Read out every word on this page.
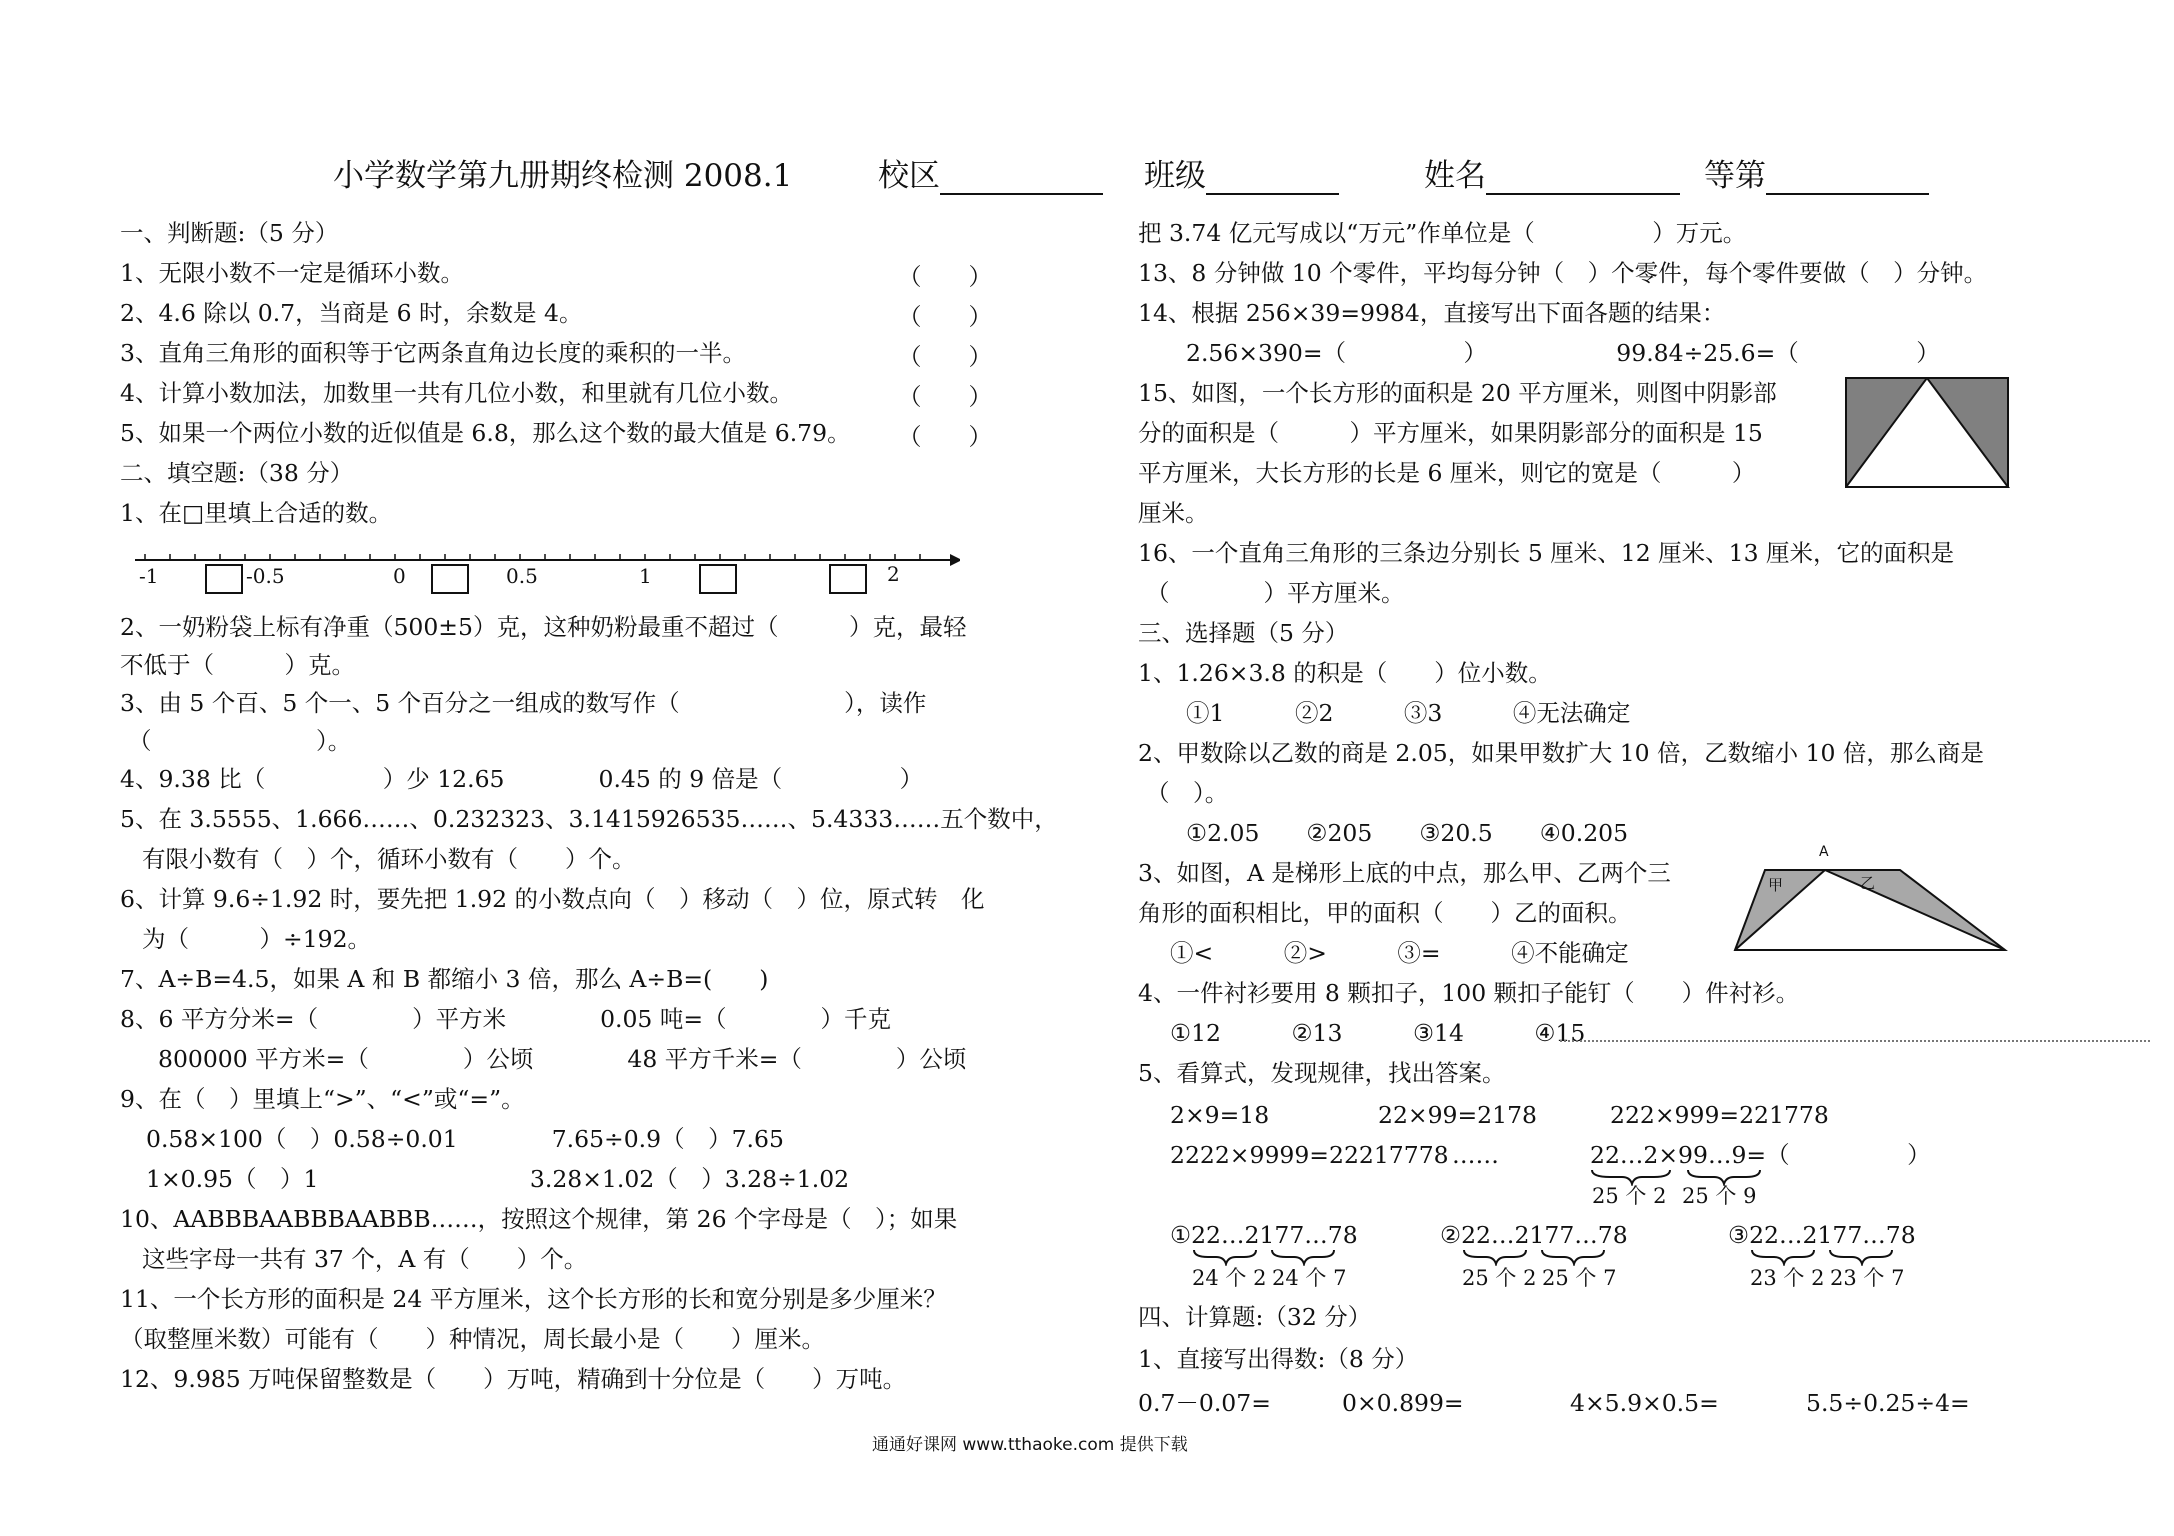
小学数学第九册期终检测 2008.1	校区	班级	姓名	等第
一、判断题:（5 分）
1、无限小数不一定是循环小数。	（　　）
2、4.6 除以 0.7，当商是 6 时，余数是 4。	（　　）
3、直角三角形的面积等于它两条直角边长度的乘积的一半。	（　　）
4、计算小数加法，加数里一共有几位小数，和里就有几位小数。	（　　）
5、如果一个两位小数的近似值是 6.8，那么这个数的最大值是 6.79。 （　　）
二、填空题:（38 分）
1、在□里填上合适的数。
-1	-0.5	0	0.5	1	2
2、一奶粉袋上标有净重（500±5）克，这种奶粉最重不超过（　　　）克，最轻
不低于（　　　）克。
3、由 5 个百、5 个一、5 个百分之一组成的数写作（　　　　　　　），读作
（　　　　　　　）。
4、9.38 比（　　　　　）少 12.65　　　　0.45 的 9 倍是（　　　　　）
5、在 3.5555、1.666……、0.232323、3.1415926535……、5.4333……五个数中，
有限小数有（　）个，循环小数有（　　）个。
6、计算 9.6÷1.92 时，要先把 1.92 的小数点向（　）移动（　）位，原式转　化
为（　　　）÷192。
7、A÷B=4.5，如果 A 和 B 都缩小 3 倍，那么 A÷B=(　　)
8、6 平方分米=（　　　　）平方米　　　　0.05 吨=（　　　　）千克
800000 平方米=（　　　　）公顷　　　　48 平方千米=（　　　　）公顷
9、在（　）里填上“>”、“<”或“=”。
0.58×100（　）0.58÷0.01　　　　7.65÷0.9（　）7.65
1×0.95（　）1　　　　　　　　　3.28×1.02（　）3.28÷1.02
10、AABBBAABBBAABBB……，按照这个规律，第 26 个字母是（　）；如果
这些字母一共有 37 个，A 有（　　）个。
11、一个长方形的面积是 24 平方厘米，这个长方形的长和宽分别是多少厘米？
（取整厘米数）可能有（　　）种情况，周长最小是（　　）厘米。
12、9.985 万吨保留整数是（　　）万吨，精确到十分位是（　　）万吨。
把 3.74 亿元写成以“万元”作单位是（　　　　　）万元。
13、8 分钟做 10 个零件，平均每分钟（　）个零件，每个零件要做（　）分钟。
14、根据 256×39=9984，直接写出下面各题的结果：
2.56×390=（　　　　　）　　　　　　99.84÷25.6=（　　　　　）
15、如图，一个长方形的面积是 20 平方厘米，则图中阴影部
分的面积是（　　　）平方厘米，如果阴影部分的面积是 15
平方厘米，大长方形的长是 6 厘米，则它的宽是（　　　）
厘米。
16、一个直角三角形的三条边分别长 5 厘米、12 厘米、13 厘米，它的面积是
（　　　　）平方厘米。
三、选择题（5 分）
1、1.26×3.8 的积是（　　）位小数。
①1　　　②2　　　③3　　　④无法确定
2、甲数除以乙数的商是 2.05，如果甲数扩大 10 倍，乙数缩小 10 倍，那么商是
（　）。
①2.05　　②205　　③20.5　　④0.205
3、如图，A 是梯形上底的中点，那么甲、乙两个三
角形的面积相比，甲的面积（　　）乙的面积。
A
甲	乙
①<　　　②>　　　③=　　　④不能确定
4、一件衬衫要用 8 颗扣子，100 颗扣子能钉（　　）件衬衫。
①12　　　②13　　　③14　　　④15
5、看算式，发现规律，找出答案。
2×9=18	22×99=2178	222×999=221778
2222×9999=22217778 ……	22…2×99…9=（　　　　　）
25 个 2 25 个 9
①22…2177…78	②22…2177…78	③22…2177…78
24 个 2 24 个 7	25 个 2 25 个 7	23 个 2 23 个 7
四、计算题:（32 分）
1、直接写出得数:（8 分）
0.7－0.07=	0×0.899=	4×5.9×0.5=	5.5÷0.25÷4=
通通好课网 www.tthaoke.com 提供下载
